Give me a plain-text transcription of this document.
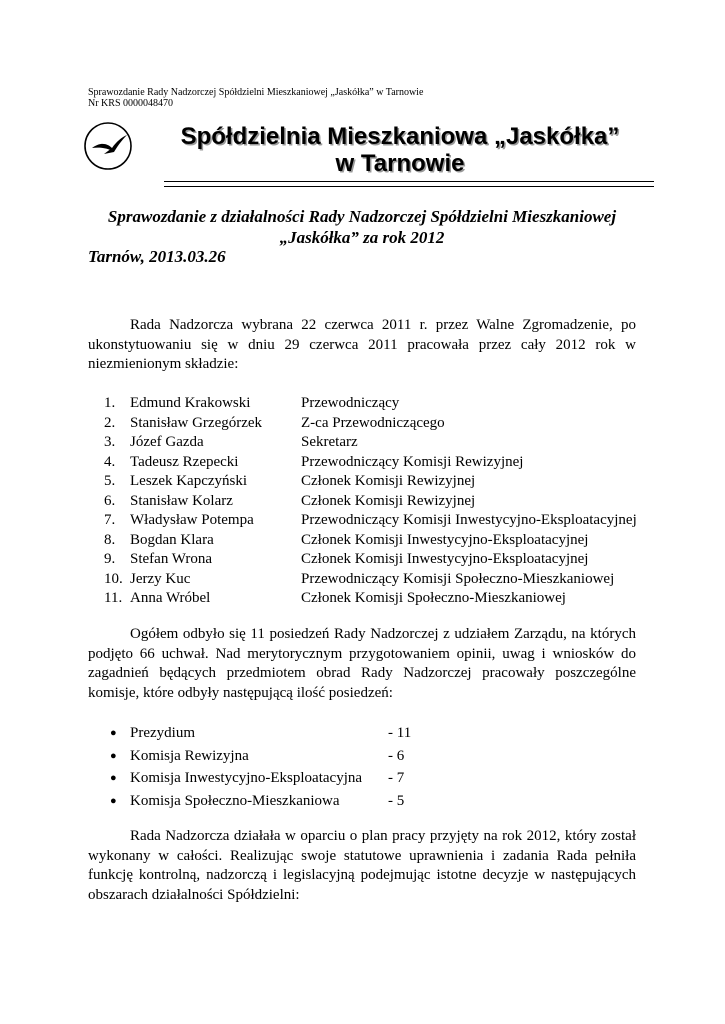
Sprawozdanie Rady Nadzorczej Spółdzielni Mieszkaniowej „Jaskółka” w Tarnowie
Nr KRS 0000048470
Spółdzielnia Mieszkaniowa „Jaskółka”
w Tarnowie
Sprawozdanie z działalności Rady Nadzorczej Spółdzielni Mieszkaniowej
„Jaskółka” za rok 2012
Tarnów, 2013.03.26
Rada Nadzorcza wybrana 22 czerwca 2011 r. przez Walne Zgromadzenie, po ukonstytuowaniu się w dniu 29 czerwca 2011 pracowała przez cały 2012 rok w niezmienionym składzie:
1. Edmund Krakowski	Przewodniczący
2. Stanisław Grzegórzek	Z-ca Przewodniczącego
3. Józef Gazda	Sekretarz
4. Tadeusz Rzepecki	Przewodniczący Komisji Rewizyjnej
5. Leszek Kapczyński	Członek Komisji Rewizyjnej
6. Stanisław Kolarz	Członek Komisji Rewizyjnej
7. Władysław Potempa	Przewodniczący Komisji Inwestycyjno-Eksploatacyjnej
8. Bogdan Klara	Członek Komisji Inwestycyjno-Eksploatacyjnej
9. Stefan Wrona	Członek Komisji Inwestycyjno-Eksploatacyjnej
10. Jerzy Kuc	Przewodniczący Komisji Społeczno-Mieszkaniowej
11. Anna Wróbel	Członek Komisji Społeczno-Mieszkaniowej
Ogółem odbyło się 11 posiedzeń Rady Nadzorczej z udziałem Zarządu, na których podjęto 66 uchwał. Nad merytorycznym przygotowaniem opinii, uwag i wniosków do zagadnień będących przedmiotem obrad Rady Nadzorczej pracowały poszczególne komisje, które odbyły następującą ilość posiedzeń:
● Prezydium	- 11
● Komisja Rewizyjna	- 6
● Komisja Inwestycyjno-Eksploatacyjna - 7
● Komisja Społeczno-Mieszkaniowa	- 5
Rada Nadzorcza działała w oparciu o plan pracy przyjęty na rok 2012, który został wykonany w całości. Realizując swoje statutowe uprawnienia i zadania Rada pełniła funkcję kontrolną, nadzorczą i legislacyjną podejmując istotne decyzje w następujących obszarach działalności Spółdzielni:
